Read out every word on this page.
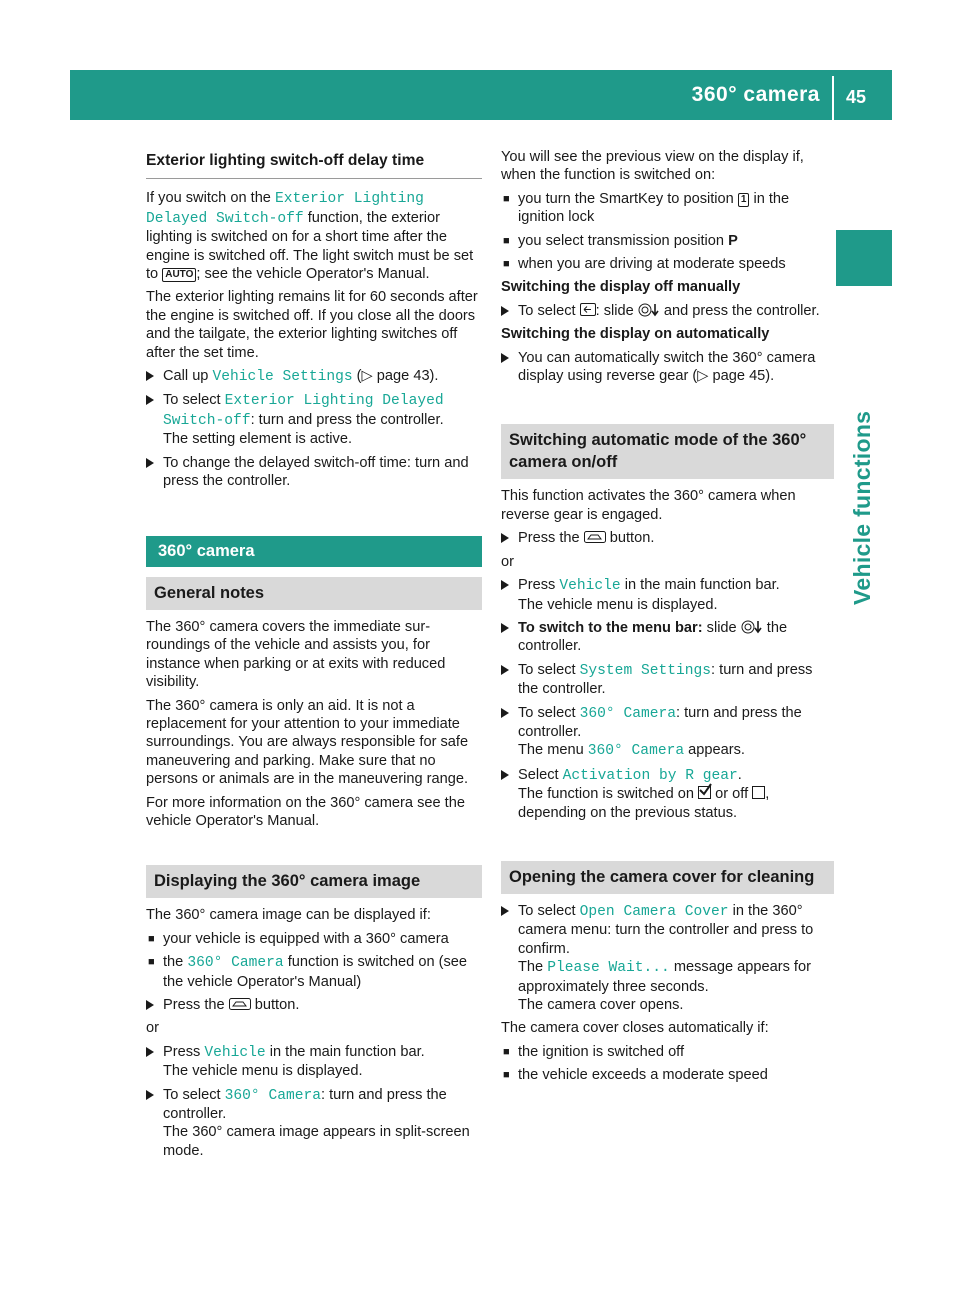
360° camera 45
Vehicle functions
Exterior lighting switch-off delay time

If you switch on the Exterior Lighting Delayed Switch-off function, the exterior lighting is switched on for a short time after the engine is switched off. The light switch must be set to AUTO ; see the vehicle Operator's Manual.

The exterior lighting remains lit for 60 seconds after the engine is switched off. If you close all the doors and the tailgate, the exterior lighting switches off after the set time.

Call up Vehicle Settings (▷ page 43).
To select Exterior Lighting Delayed Switch-off: turn and press the controller.
The setting element is active.
To change the delayed switch-off time: turn and press the controller.
360° camera
General notes

The 360° camera covers the immediate surroundings of the vehicle and assists you, for instance when parking or at exits with reduced visibility.

The 360° camera is only an aid. It is not a replacement for your attention to your immediate surroundings. You are always responsible for safe maneuvering and parking. Make sure that no persons or animals are in the maneuvering range.

For more information on the 360° camera see the vehicle Operator's Manual.

Displaying the 360° camera image

The 360° camera image can be displayed if:

■ your vehicle is equipped with a 360° camera
■ the 360° Camera function is switched on (see the vehicle Operator's Manual)
Press the  button.

or

Press Vehicle in the main function bar.
The vehicle menu is displayed.
To select 360° Camera: turn and press the controller.
The 360° camera image appears in split-screen mode.

You will see the previous view on the display if, when the function is switched on:

■ you turn the SmartKey to position 1 in the ignition lock
■ you select transmission position P
■ when you are driving at moderate speeds

Switching the display off manually

To select : slide  and press the controller.

Switching the display on automatically

You can automatically switch the 360° camera display using reverse gear (▷ page 45).
Switching automatic mode of the 360° camera on/off

This function activates the 360° camera when reverse gear is engaged.

Press the  button.

or

Press Vehicle in the main function bar.
The vehicle menu is displayed.
To switch to the menu bar: slide  the controller.
To select System Settings: turn and press the controller.
To select 360° Camera: turn and press the controller.
The menu 360° Camera appears.
Select Activation by R gear.
The function is switched on
or off , depending on the previous status.
Opening the camera cover for cleaning
To select Open Camera Cover in the 360° camera menu: turn the controller and press to confirm.
The Please Wait... message appears for approximately three seconds.
The camera cover opens.

The camera cover closes automatically if:

■ the ignition is switched off
■ the vehicle exceeds a moderate speed
